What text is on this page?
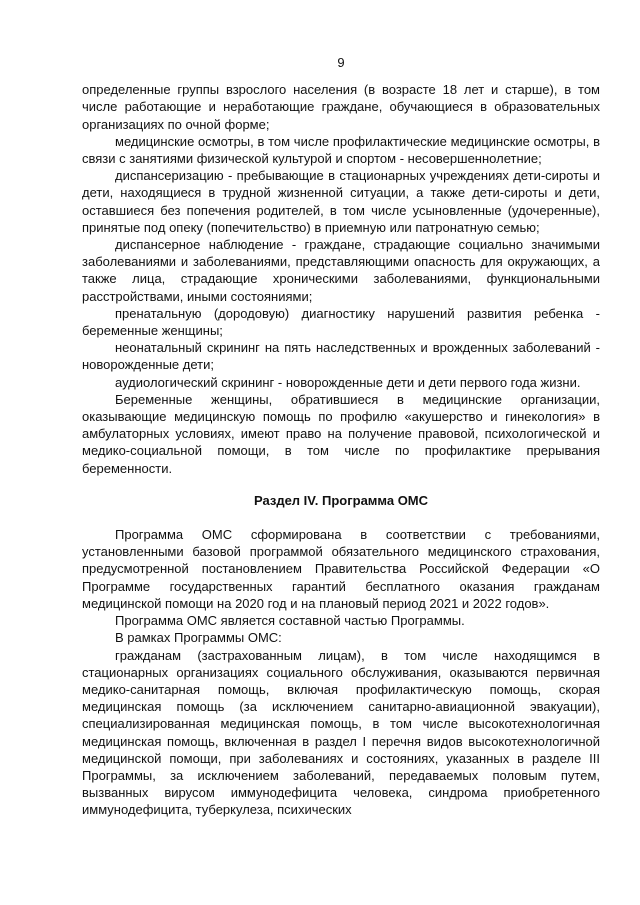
9

определенные группы взрослого населения (в возрасте 18 лет и старше), в том числе работающие и неработающие граждане, обучающиеся в образовательных организациях по очной форме;

медицинские осмотры, в том числе профилактические медицинские осмотры, в связи с занятиями физической культурой и спортом - несовершеннолетние;

диспансеризацию - пребывающие в стационарных учреждениях дети-сироты и дети, находящиеся в трудной жизненной ситуации, а также дети-сироты и дети, оставшиеся без попечения родителей, в том числе усыновленные (удочеренные), принятые под опеку (попечительство) в приемную или патронатную семью;

диспансерное наблюдение - граждане, страдающие социально значимыми заболеваниями и заболеваниями, представляющими опасность для окружающих, а также лица, страдающие хроническими заболеваниями, функциональными расстройствами, иными состояниями;

пренатальную (дородовую) диагностику нарушений развития ребенка - беременные женщины;

неонатальный скрининг на пять наследственных и врожденных заболеваний - новорожденные дети;

аудиологический скрининг - новорожденные дети и дети первого года жизни.

Беременные женщины, обратившиеся в медицинские организации, оказывающие медицинскую помощь по профилю «акушерство и гинекология» в амбулаторных условиях, имеют право на получение правовой, психологической и медико-социальной помощи, в том числе по профилактике прерывания беременности.

Раздел IV. Программа ОМС

Программа ОМС сформирована в соответствии с требованиями, установленными базовой программой обязательного медицинского страхования, предусмотренной постановлением Правительства Российской Федерации «О Программе государственных гарантий бесплатного оказания гражданам медицинской помощи на 2020 год и на плановый период 2021 и 2022 годов».

Программа ОМС является составной частью Программы.

В рамках Программы ОМС:

гражданам (застрахованным лицам), в том числе находящимся в стационарных организациях социального обслуживания, оказываются первичная медико-санитарная помощь, включая профилактическую помощь, скорая медицинская помощь (за исключением санитарно-авиационной эвакуации), специализированная медицинская помощь, в том числе высокотехнологичная медицинская помощь, включенная в раздел I перечня видов высокотехнологичной медицинской помощи, при заболеваниях и состояниях, указанных в разделе III Программы, за исключением заболеваний, передаваемых половым путем, вызванных вирусом иммунодефицита человека, синдрома приобретенного иммунодефицита, туберкулеза, психических
